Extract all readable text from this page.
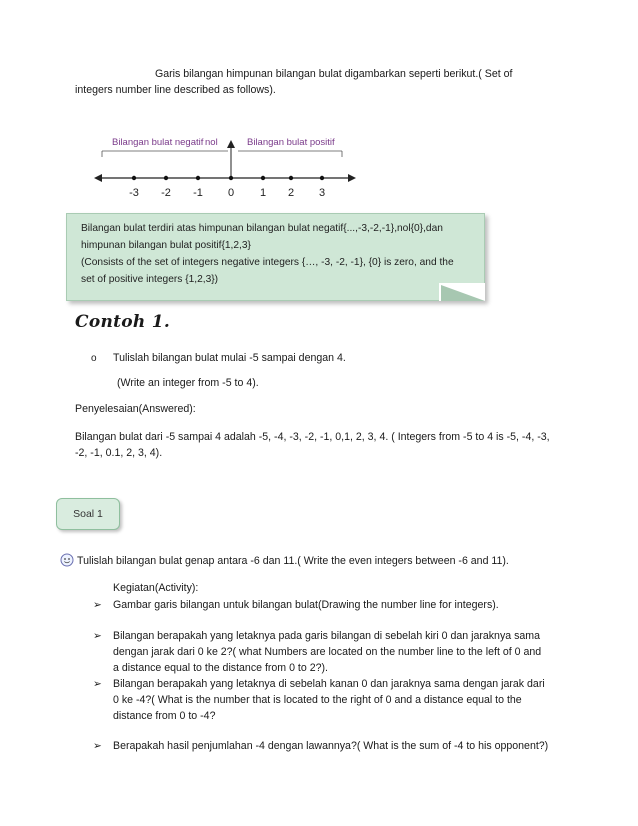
Garis bilangan himpunan bilangan bulat digambarkan seperti berikut.( Set of
integers number line described as follows).
Bilangan bulat negatif nol	Bilangan bulat positif
-3 -2 -1 0 1 2 3
Bilangan bulat terdiri atas himpunan bilangan bulat negatif{...,-3,-2,-1},nol{0},dan
himpunan bilangan bulat positif{1,2,3}
(Consists of the set of integers negative integers {…, -3, -2, -1}, {0} is zero, and the
set of positive integers {1,2,3})
Contoh 1.
o Tulislah bilangan bulat mulai -5 sampai dengan 4.
(Write an integer from -5 to 4).
Penyelesaian(Answered):
Bilangan bulat dari -5 sampai 4 adalah -5, -4, -3, -2, -1, 0,1, 2, 3, 4. ( Integers from -5 to 4 is -5, -4, -3,
-2, -1, 0.1, 2, 3, 4).
Soal 1
Tulislah bilangan bulat genap antara -6 dan 11.( Write the even integers between -6 and 11).
Kegiatan(Activity):
➢ Gambar garis bilangan untuk bilangan bulat(Drawing the number line for integers).
➢ Bilangan berapakah yang letaknya pada garis bilangan di sebelah kiri 0 dan jaraknya sama
dengan jarak dari 0 ke 2?( what Numbers are located on the number line to the left of 0 and
a distance equal to the distance from 0 to 2?).
➢ Bilangan berapakah yang letaknya di sebelah kanan 0 dan jaraknya sama dengan jarak dari
0 ke -4?( What is the number that is located to the right of 0 and a distance equal to the
distance from 0 to -4?
➢ Berapakah hasil penjumlahan -4 dengan lawannya?( What is the sum of -4 to his opponent?)
